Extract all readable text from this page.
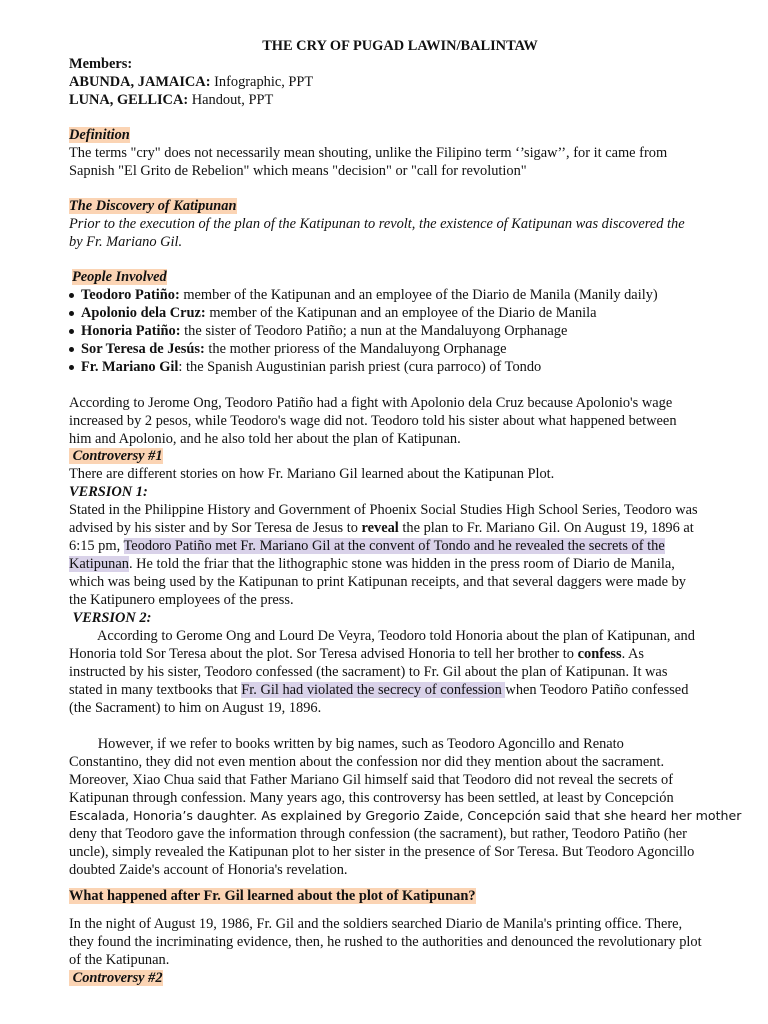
THE CRY OF PUGAD LAWIN/BALINTAW
Members:
ABUNDA, JAMAICA: Infographic, PPT
LUNA, GELLICA: Handout, PPT
Definition
The terms "cry" does not necessarily mean shouting, unlike the Filipino term ‘’sigaw’’, for it came from
Sapnish "El Grito de Rebelion" which means "decision" or "call for revolution"
The Discovery of Katipunan
Prior to the execution of the plan of the Katipunan to revolt, the existence of Katipunan was discovered the
by Fr. Mariano Gil.
People Involved
Teodoro Patiño: member of the Katipunan and an employee of the Diario de Manila (Manily daily)
Apolonio dela Cruz: member of the Katipunan and an employee of the Diario de Manila
Honoria Patiño: the sister of Teodoro Patiño; a nun at the Mandaluyong Orphanage
Sor Teresa de Jesús: the mother prioress of the Mandaluyong Orphanage
Fr. Mariano Gil: the Spanish Augustinian parish priest (cura parroco) of Tondo
According to Jerome Ong, Teodoro Patiño had a fight with Apolonio dela Cruz because Apolonio's wage
increased by 2 pesos, while Teodoro's wage did not. Teodoro told his sister about what happened between
him and Apolonio, and he also told her about the plan of Katipunan.
Controversy #1
There are different stories on how Fr. Mariano Gil learned about the Katipunan Plot.
VERSION 1:
Stated in the Philippine History and Government of Phoenix Social Studies High School Series, Teodoro was
advised by his sister and by Sor Teresa de Jesus to reveal the plan to Fr. Mariano Gil. On August 19, 1896 at
6:15 pm, Teodoro Patiño met Fr. Mariano Gil at the convent of Tondo and he revealed the secrets of the
Katipunan. He told the friar that the lithographic stone was hidden in the press room of Diario de Manila,
which was being used by the Katipunan to print Katipunan receipts, and that several daggers were made by
the Katipunero employees of the press.
VERSION 2:
According to Gerome Ong and Lourd De Veyra, Teodoro told Honoria about the plan of Katipunan, and
Honoria told Sor Teresa about the plot. Sor Teresa advised Honoria to tell her brother to confess. As
instructed by his sister, Teodoro confessed (the sacrament) to Fr. Gil about the plan of Katipunan. It was
stated in many textbooks that Fr. Gil had violated the secrecy of confession when Teodoro Patiño confessed
(the Sacrament) to him on August 19, 1896.
However, if we refer to books written by big names, such as Teodoro Agoncillo and Renato
Constantino, they did not even mention about the confession nor did they mention about the sacrament.
Moreover, Xiao Chua said that Father Mariano Gil himself said that Teodoro did not reveal the secrets of
Katipunan through confession. Many years ago, this controversy has been settled, at least by Concepción
Escalada, Honoria’s daughter. As explained by Gregorio Zaide, Concepción said that she heard her mother
deny that Teodoro gave the information through confession (the sacrament), but rather, Teodoro Patiño (her
uncle), simply revealed the Katipunan plot to her sister in the presence of Sor Teresa. But Teodoro Agoncillo
doubted Zaide's account of Honoria's revelation.
What happened after Fr. Gil learned about the plot of Katipunan?
In the night of August 19, 1986, Fr. Gil and the soldiers searched Diario de Manila's printing office. There,
they found the incriminating evidence, then, he rushed to the authorities and denounced the revolutionary plot
of the Katipunan.
Controversy #2
